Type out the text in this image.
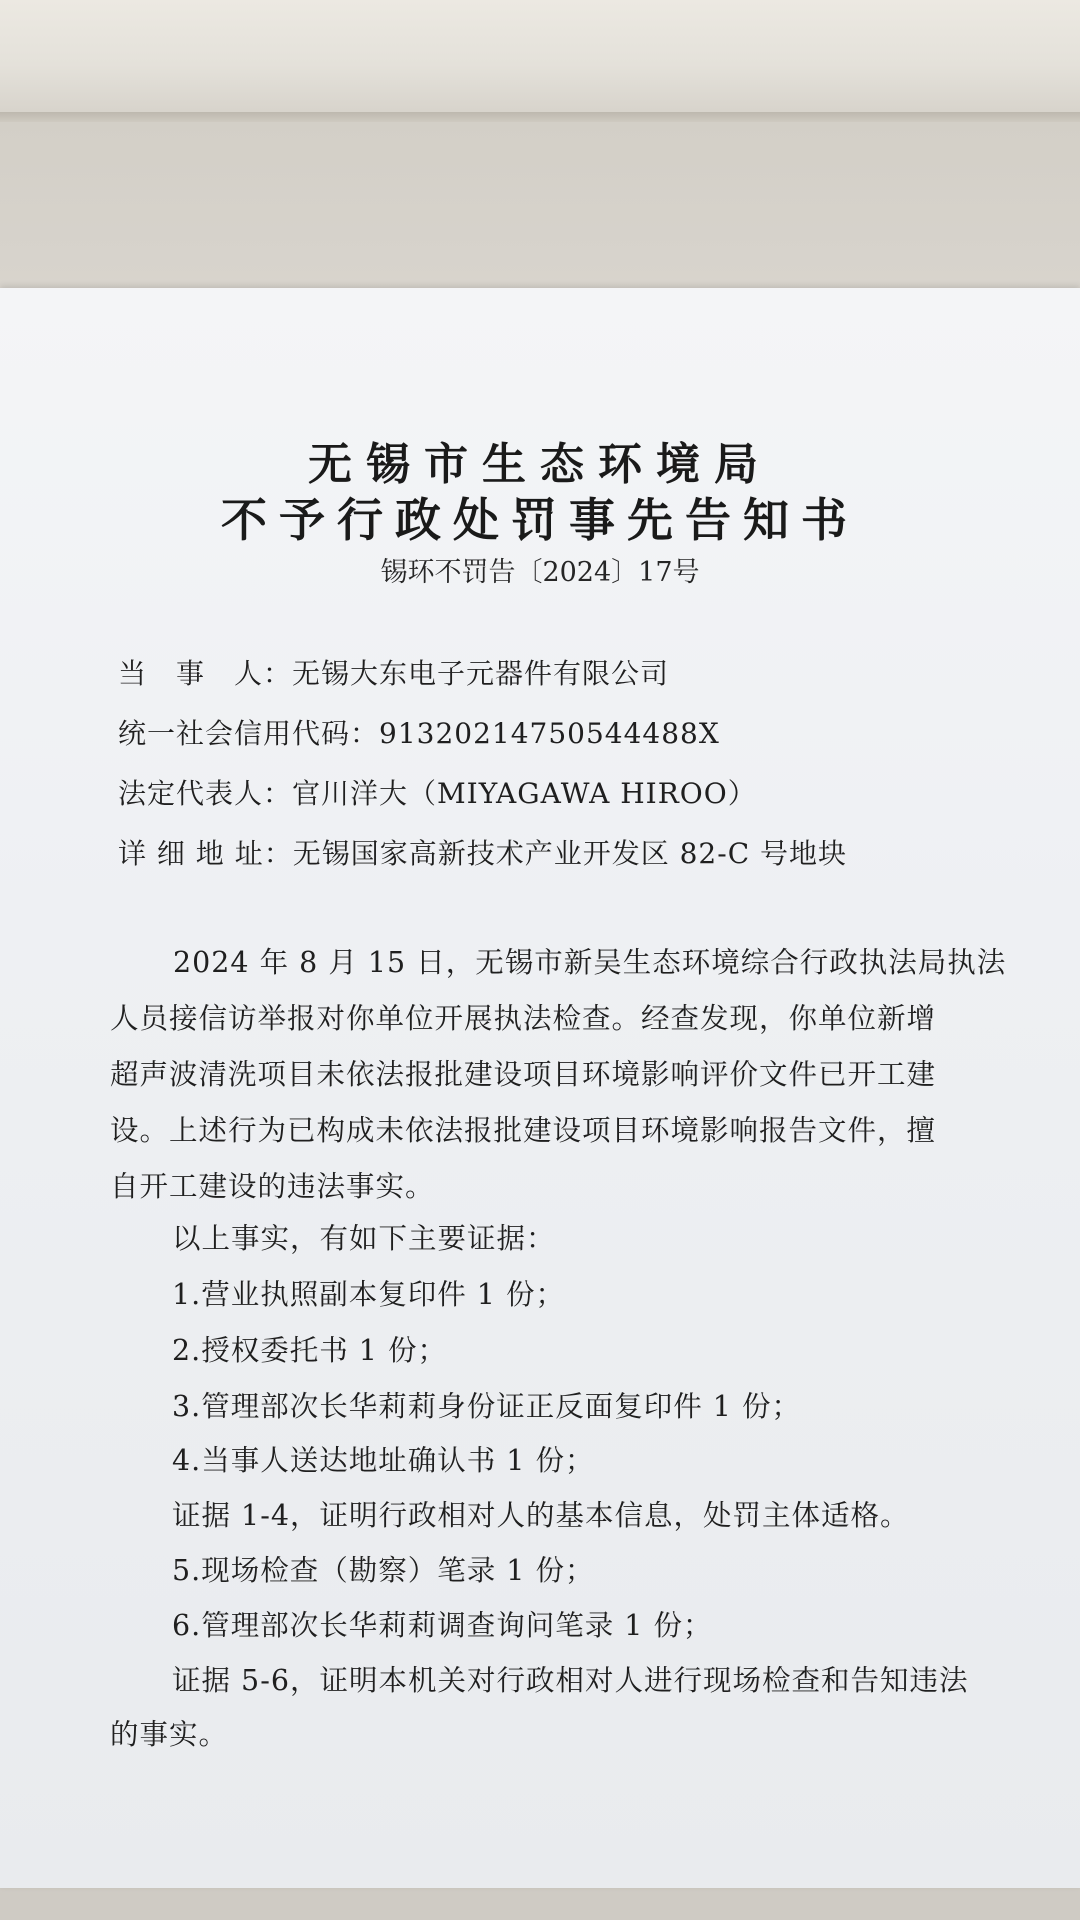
无锡市生态环境局
不予行政处罚事先告知书
锡环不罚告〔2024〕17号
当　事　人：无锡大东电子元器件有限公司
统一社会信用代码：91320214750544488X
法定代表人：官川洋大（MIYAGAWA HIROO）
详 细 地 址：无锡国家高新技术产业开发区 82-C 号地块
2024 年 8 月 15 日，无锡市新吴生态环境综合行政执法局执法
人员接信访举报对你单位开展执法检查。经查发现，你单位新增
超声波清洗项目未依法报批建设项目环境影响评价文件已开工建
设。上述行为已构成未依法报批建设项目环境影响报告文件，擅
自开工建设的违法事实。
以上事实，有如下主要证据：
1.营业执照副本复印件 1 份；
2.授权委托书 1 份；
3.管理部次长华莉莉身份证正反面复印件 1 份；
4.当事人送达地址确认书 1 份；
证据 1-4，证明行政相对人的基本信息，处罚主体适格。
5.现场检查（勘察）笔录 1 份；
6.管理部次长华莉莉调查询问笔录 1 份；
证据 5-6，证明本机关对行政相对人进行现场检查和告知违法
的事实。
